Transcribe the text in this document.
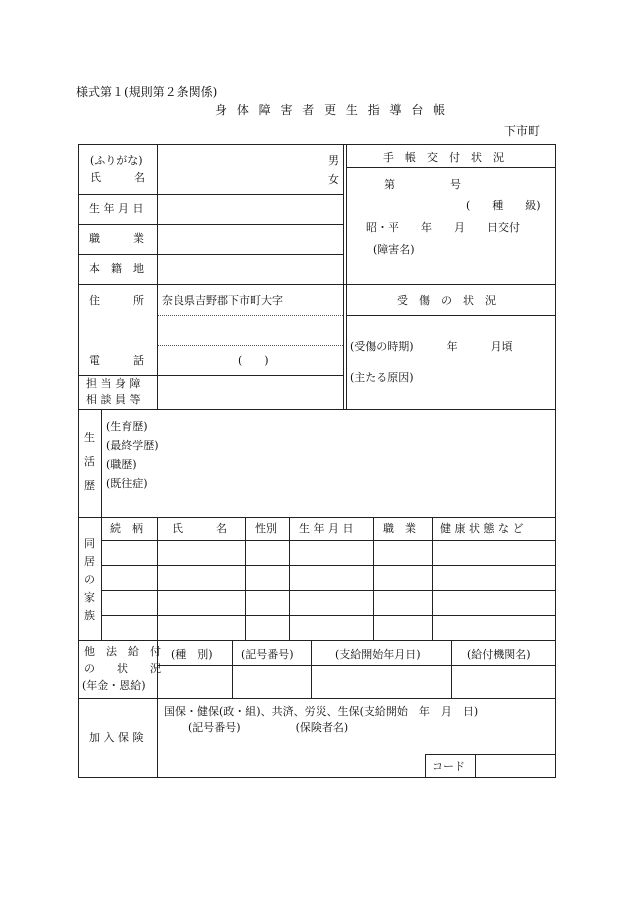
様式第１(規則第２条関係)
身 体 障 害 者 更 生 指 導 台 帳
下市町
(ふりがな)
氏　　　名
男
女
生 年 月 日
職　　　業
本　籍　地
住　　　所 奈良県吉野郡下市町大字
電　　　話	(　　)
担 当 身 障
相 談 員 等
手　帳　交　付　状　況
第　　　　　号
(　　種　　級)
昭・平　　年　　月　　日交付
(障害名)
受　傷　の　状　況
(受傷の時期)　　　年　　　月頃
(主たる原因)
生
活
歴
(生育歴)
(最終学歴)
(職歴)
(既往症)
同
居
の
家
族
続　柄	氏　　　名	性別 生 年 月 日	職　業 健 康 状 態 な ど
他　法　給　付
の　　状　　況
(年金・恩給)
(種　別)	(記号番号)	(支給開始年月日)	(給付機関名)
加 入 保 険
国保・健保(政・組)、共済、労災、生保(支給開始　年　月　日)
(記号番号)　　　　　(保険者名)
コード
